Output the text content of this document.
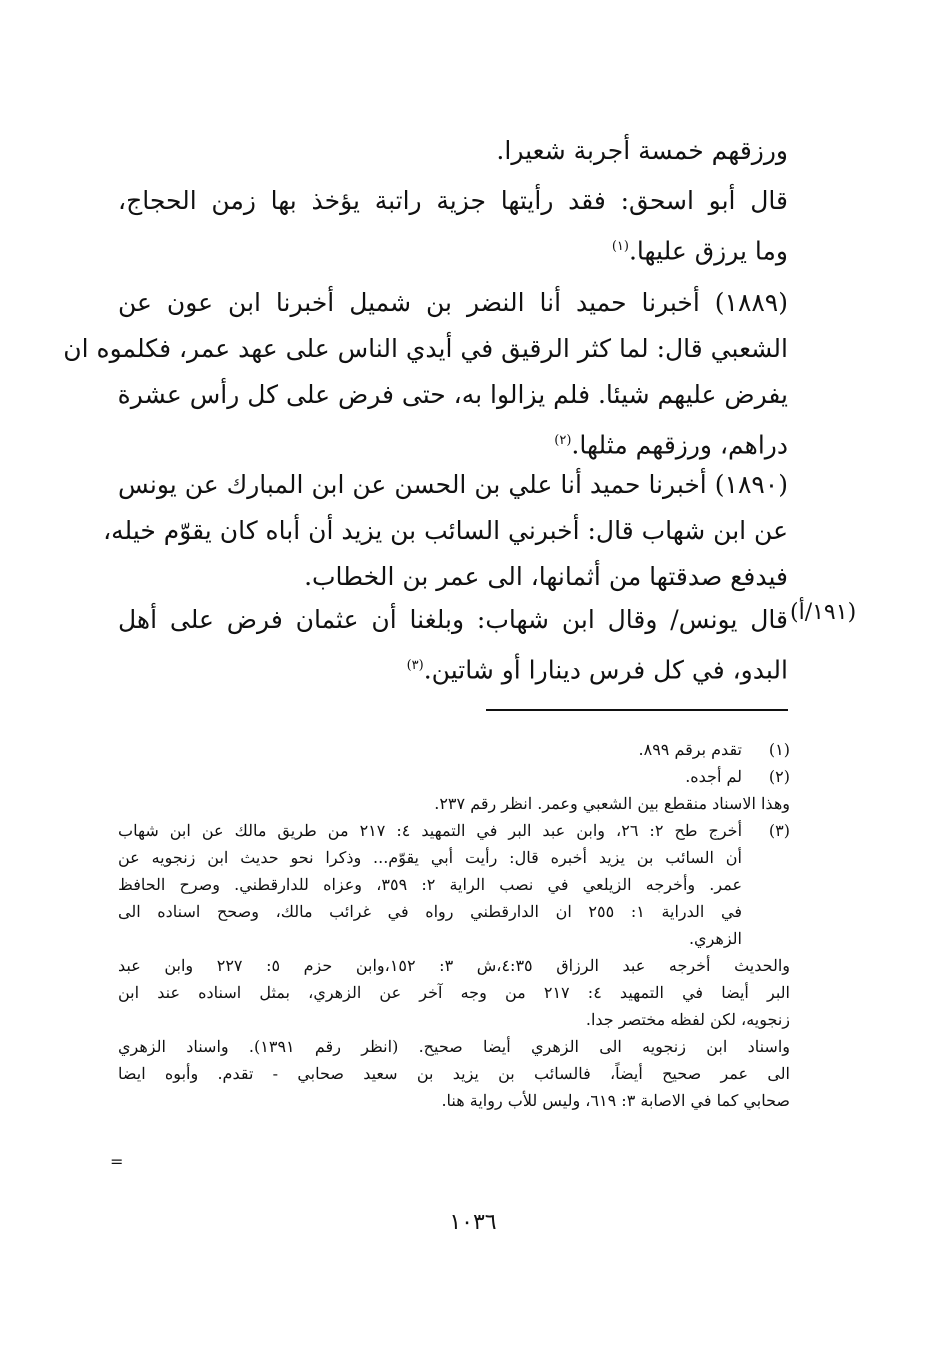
ورزقهم خمسة أجربة شعيرا.
قال أبو اسحق: فقد رأيتها جزية راتبة يؤخذ بها زمن الحجاج،
وما يرزق عليها.$^{(١)}$
(١٨٨٩) أخبرنا حميد أنا النضر بن شميل أخبرنا ابن عون عن
الشعبي قال: لما كثر الرقيق في أيدي الناس على عهد عمر، فكلموه ان
يفرض عليهم شيئا. فلم يزالوا به، حتى فرض على كل رأس عشرة
دراهم، ورزقهم مثلها.$^{(٢)}$
(١٨٩٠) أخبرنا حميد أنا علي بن الحسن عن ابن المبارك عن يونس
عن ابن شهاب قال: أخبرني السائب بن يزيد أن أباه كان يقوّم خيله،
فيدفع صدقتها من أثمانها، الى عمر بن الخطاب.
(١٩١/أ)
قال يونس/ وقال ابن شهاب: وبلغنا أن عثمان فرض على أهل
البدو، في كل فرس دينارا أو شاتين.$^{(٣)}$
(١)
تقدم برقم ٨٩٩.
(٢)
لم أجده.
وهذا الاسناد منقطع بين الشعبي وعمر. انظر رقم ٢٣٧.
(٣)
أخرج طح ٢: ٢٦، وابن عبد البر في التمهيد ٤: ٢١٧ من طريق مالك عن ابن شهاب
أن السائب بن يزيد أخبره قال: رأيت أبي يقوّم... وذكرا نحو حديث ابن زنجويه عن
عمر. وأخرجه الزيلعي في نصب الراية ٢: ٣٥٩، وعزاه للدارقطني. وصرح الحافظ
في الدراية ١: ٢٥٥ ان الدارقطني رواه في غرائب مالك، وصحح اسناده الى
الزهري.
والحديث أخرجه عبد الرزاق ٤:٣٥،ش ٣: ١٥٢،وابن حزم ٥: ٢٢٧ وابن عبد
البر أيضا في التمهيد ٤: ٢١٧ من وجه آخر عن الزهري، بمثل اسناده عند ابن
زنجويه، لكن لفظه مختصر جدا.
واسناد ابن زنجويه الى الزهري أيضا صحيح. (انظر رقم ١٣٩١). واسناد الزهري
الى عمر صحيح أيضاً، فالسائب بن يزيد بن سعيد صحابي - تقدم. وأبوه ايضا
صحابي كما في الاصابة ٣: ٦١٩، وليس للأب رواية هنا.
=
١٠٣٦
